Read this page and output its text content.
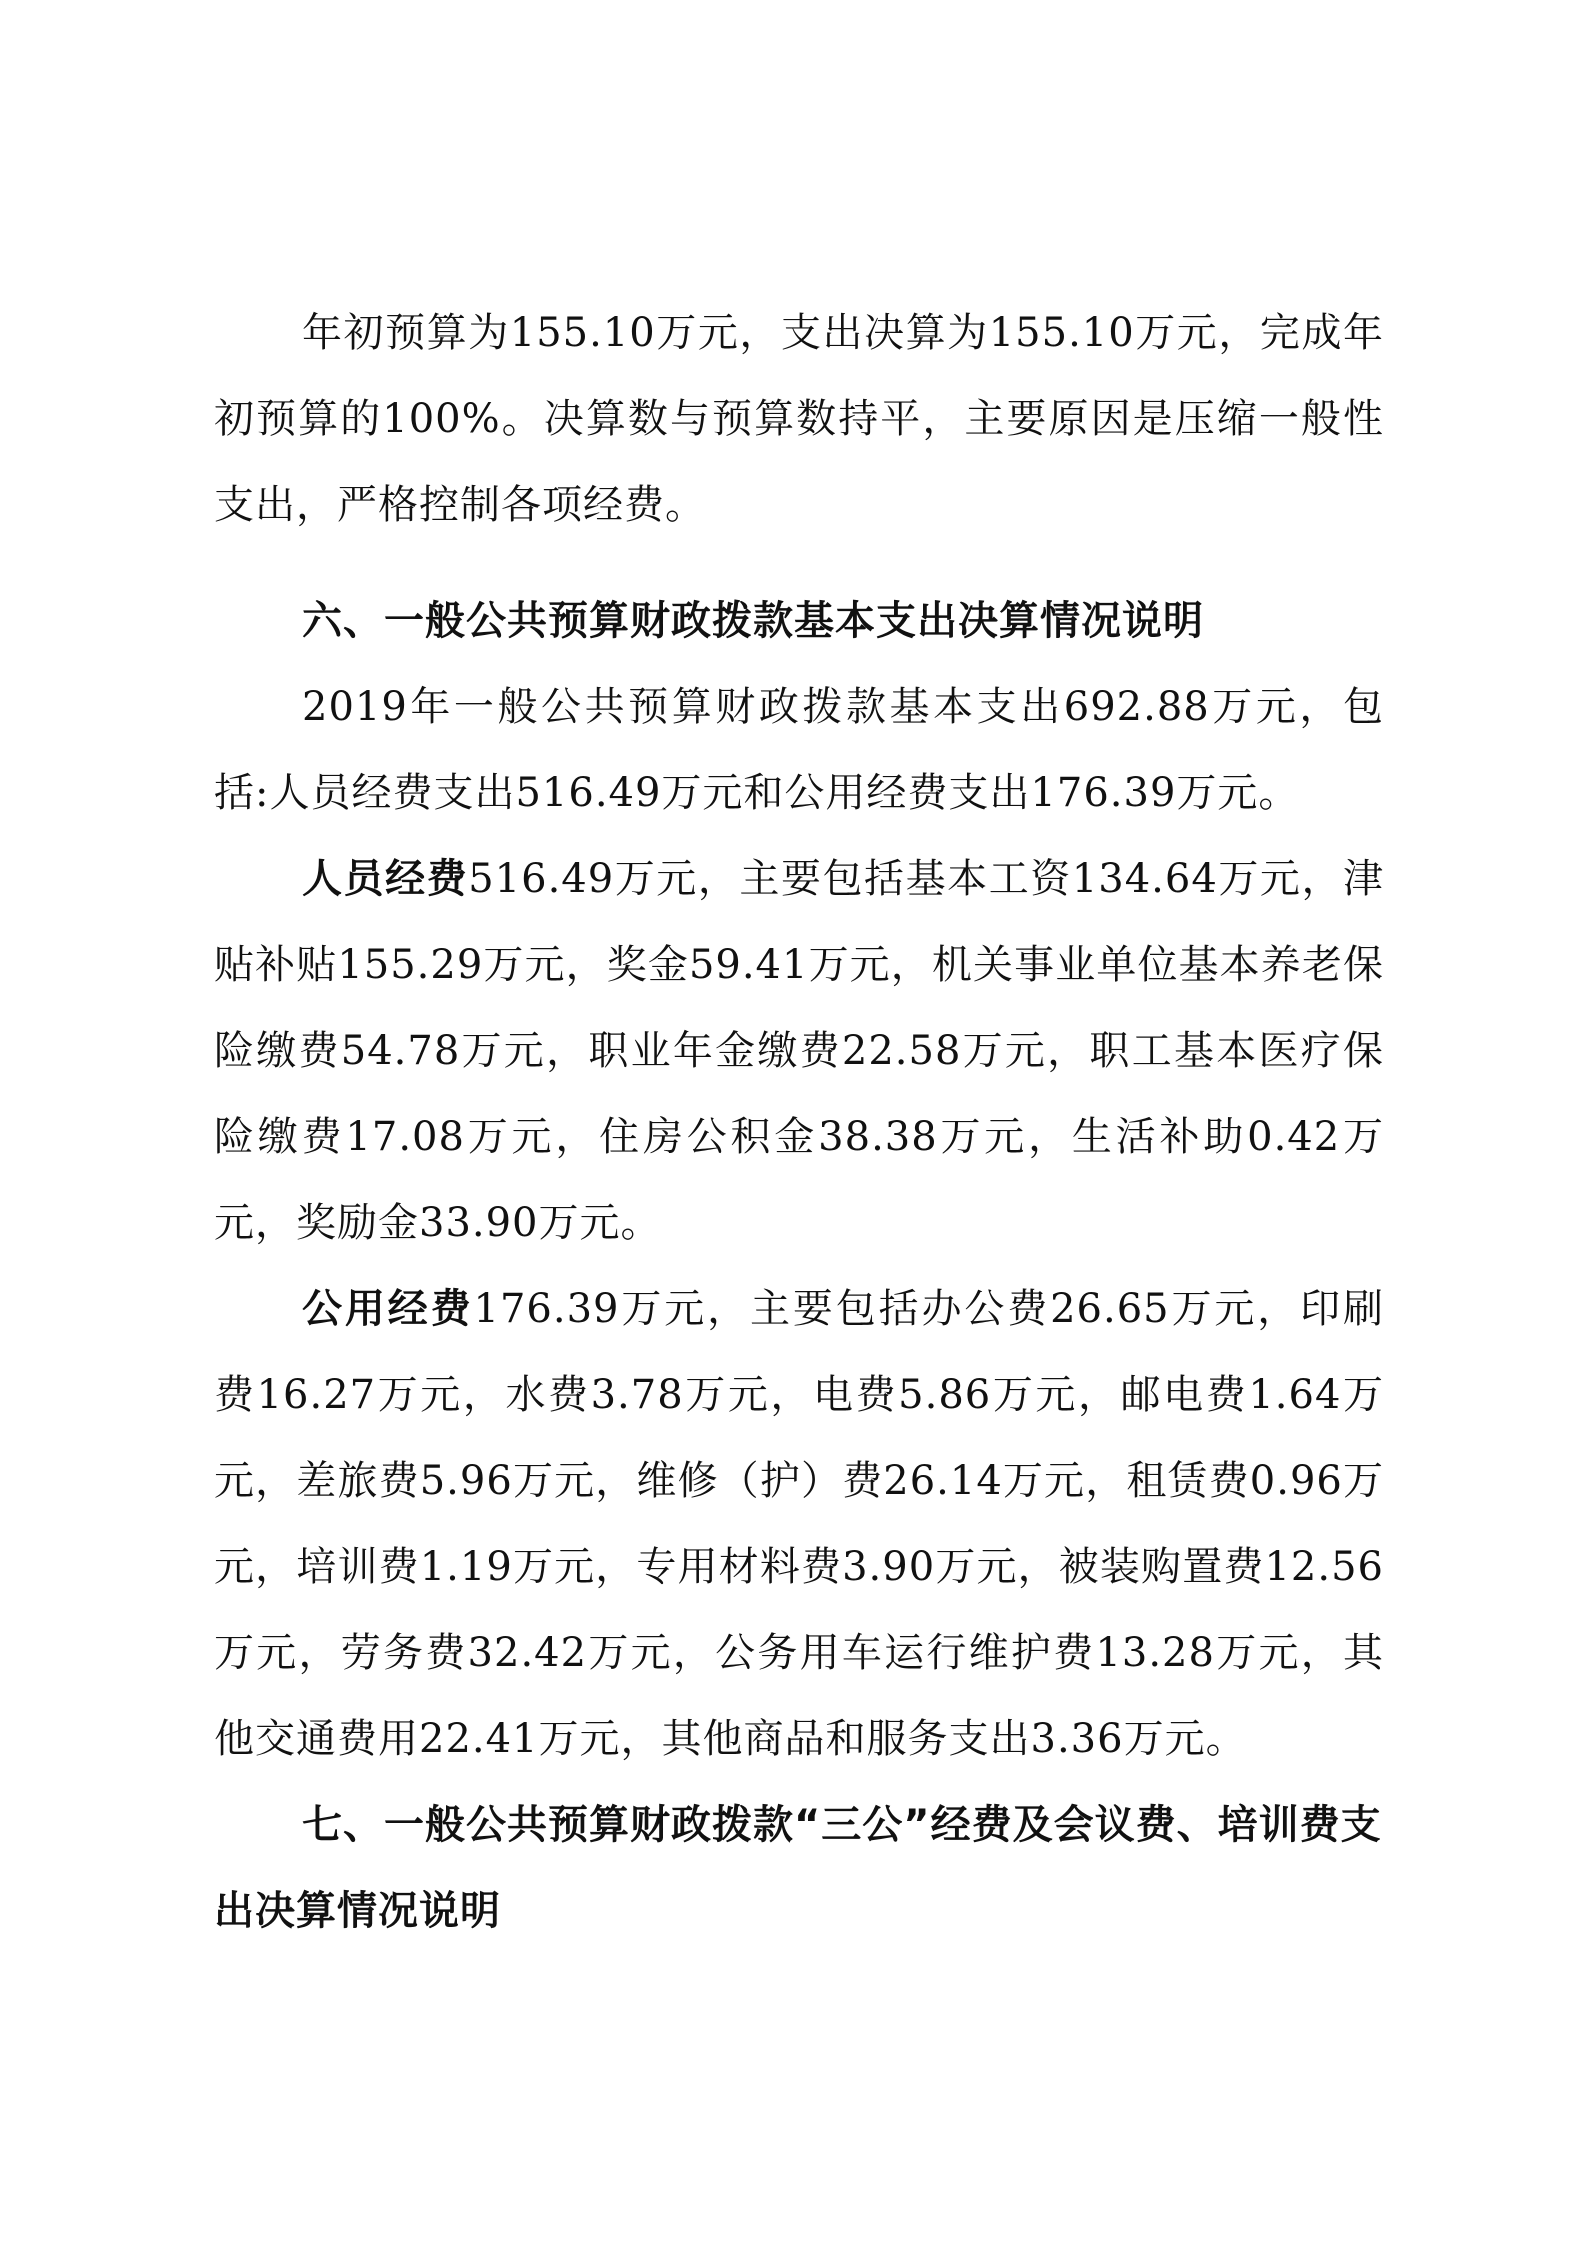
年初预算为155.10万元，支出决算为155.10万元，完成年初预算的100%。决算数与预算数持平，主要原因是压缩一般性支出，严格控制各项经费。

六、一般公共预算财政拨款基本支出决算情况说明

2019年一般公共预算财政拨款基本支出692.88万元，包括:人员经费支出516.49万元和公用经费支出176.39万元。

人员经费516.49万元，主要包括基本工资134.64万元，津贴补贴155.29万元，奖金59.41万元，机关事业单位基本养老保险缴费54.78万元，职业年金缴费22.58万元，职工基本医疗保险缴费17.08万元，住房公积金38.38万元，生活补助0.42万元，奖励金33.90万元。

公用经费176.39万元，主要包括办公费26.65万元，印刷费16.27万元，水费3.78万元，电费5.86万元，邮电费1.64万元，差旅费5.96万元，维修（护）费26.14万元，租赁费0.96万元，培训费1.19万元，专用材料费3.90万元，被装购置费12.56万元，劳务费32.42万元，公务用车运行维护费13.28万元，其他交通费用22.41万元，其他商品和服务支出3.36万元。

七、一般公共预算财政拨款“三公”经费及会议费、培训费支出决算情况说明
